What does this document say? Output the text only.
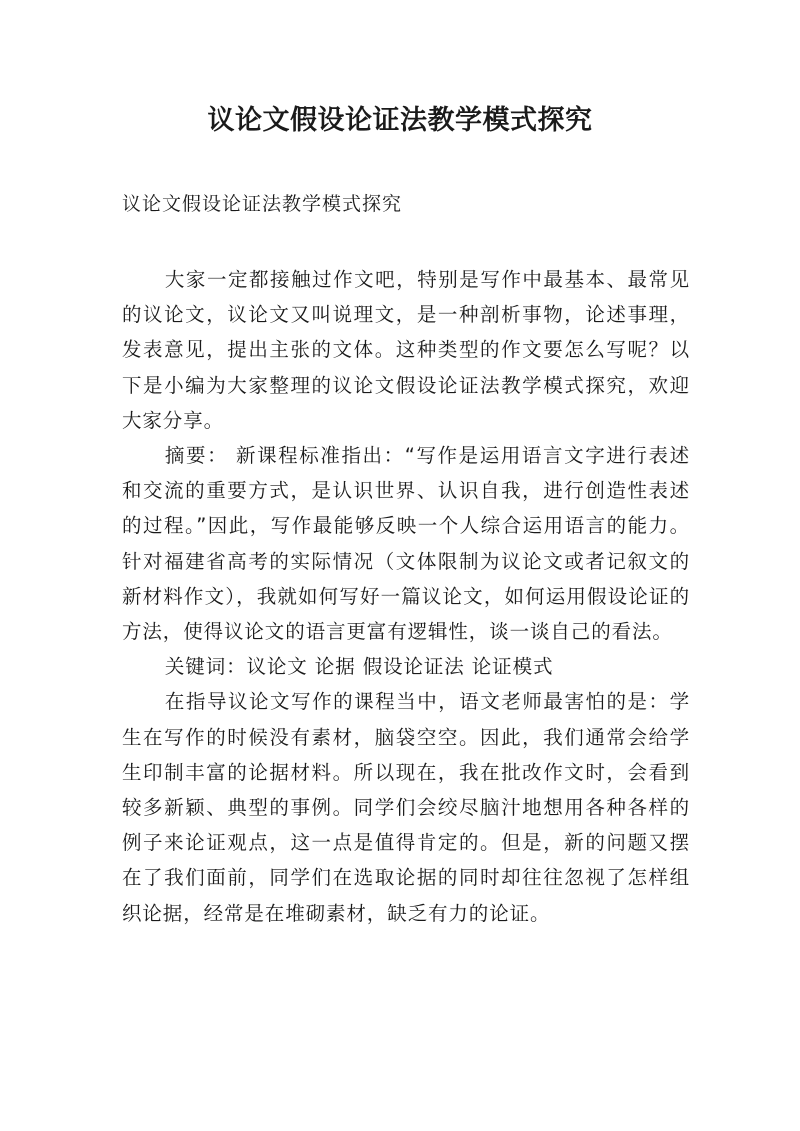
议论文假设论证法教学模式探究
议论文假设论证法教学模式探究

大家一定都接触过作文吧，特别是写作中最基本、最常见的议论文，议论文又叫说理文，是一种剖析事物，论述事理，发表意见，提出主张的文体。这种类型的作文要怎么写呢？以下是小编为大家整理的议论文假设论证法教学模式探究，欢迎大家分享。

摘要： 新课程标准指出：“写作是运用语言文字进行表述和交流的重要方式，是认识世界、认识自我，进行创造性表述的过程。”因此，写作最能够反映一个人综合运用语言的能力。针对福建省高考的实际情况（文体限制为议论文或者记叙文的新材料作文），我就如何写好一篇议论文，如何运用假设论证的方法，使得议论文的语言更富有逻辑性，谈一谈自己的看法。

关键词：议论文 论据 假设论证法 论证模式

在指导议论文写作的课程当中，语文老师最害怕的是：学生在写作的时候没有素材，脑袋空空。因此，我们通常会给学生印制丰富的论据材料。所以现在，我在批改作文时，会看到较多新颖、典型的事例。同学们会绞尽脑汁地想用各种各样的例子来论证观点，这一点是值得肯定的。但是，新的问题又摆在了我们面前，同学们在选取论据的同时却往往忽视了怎样组织论据，经常是在堆砌素材，缺乏有力的论证。
